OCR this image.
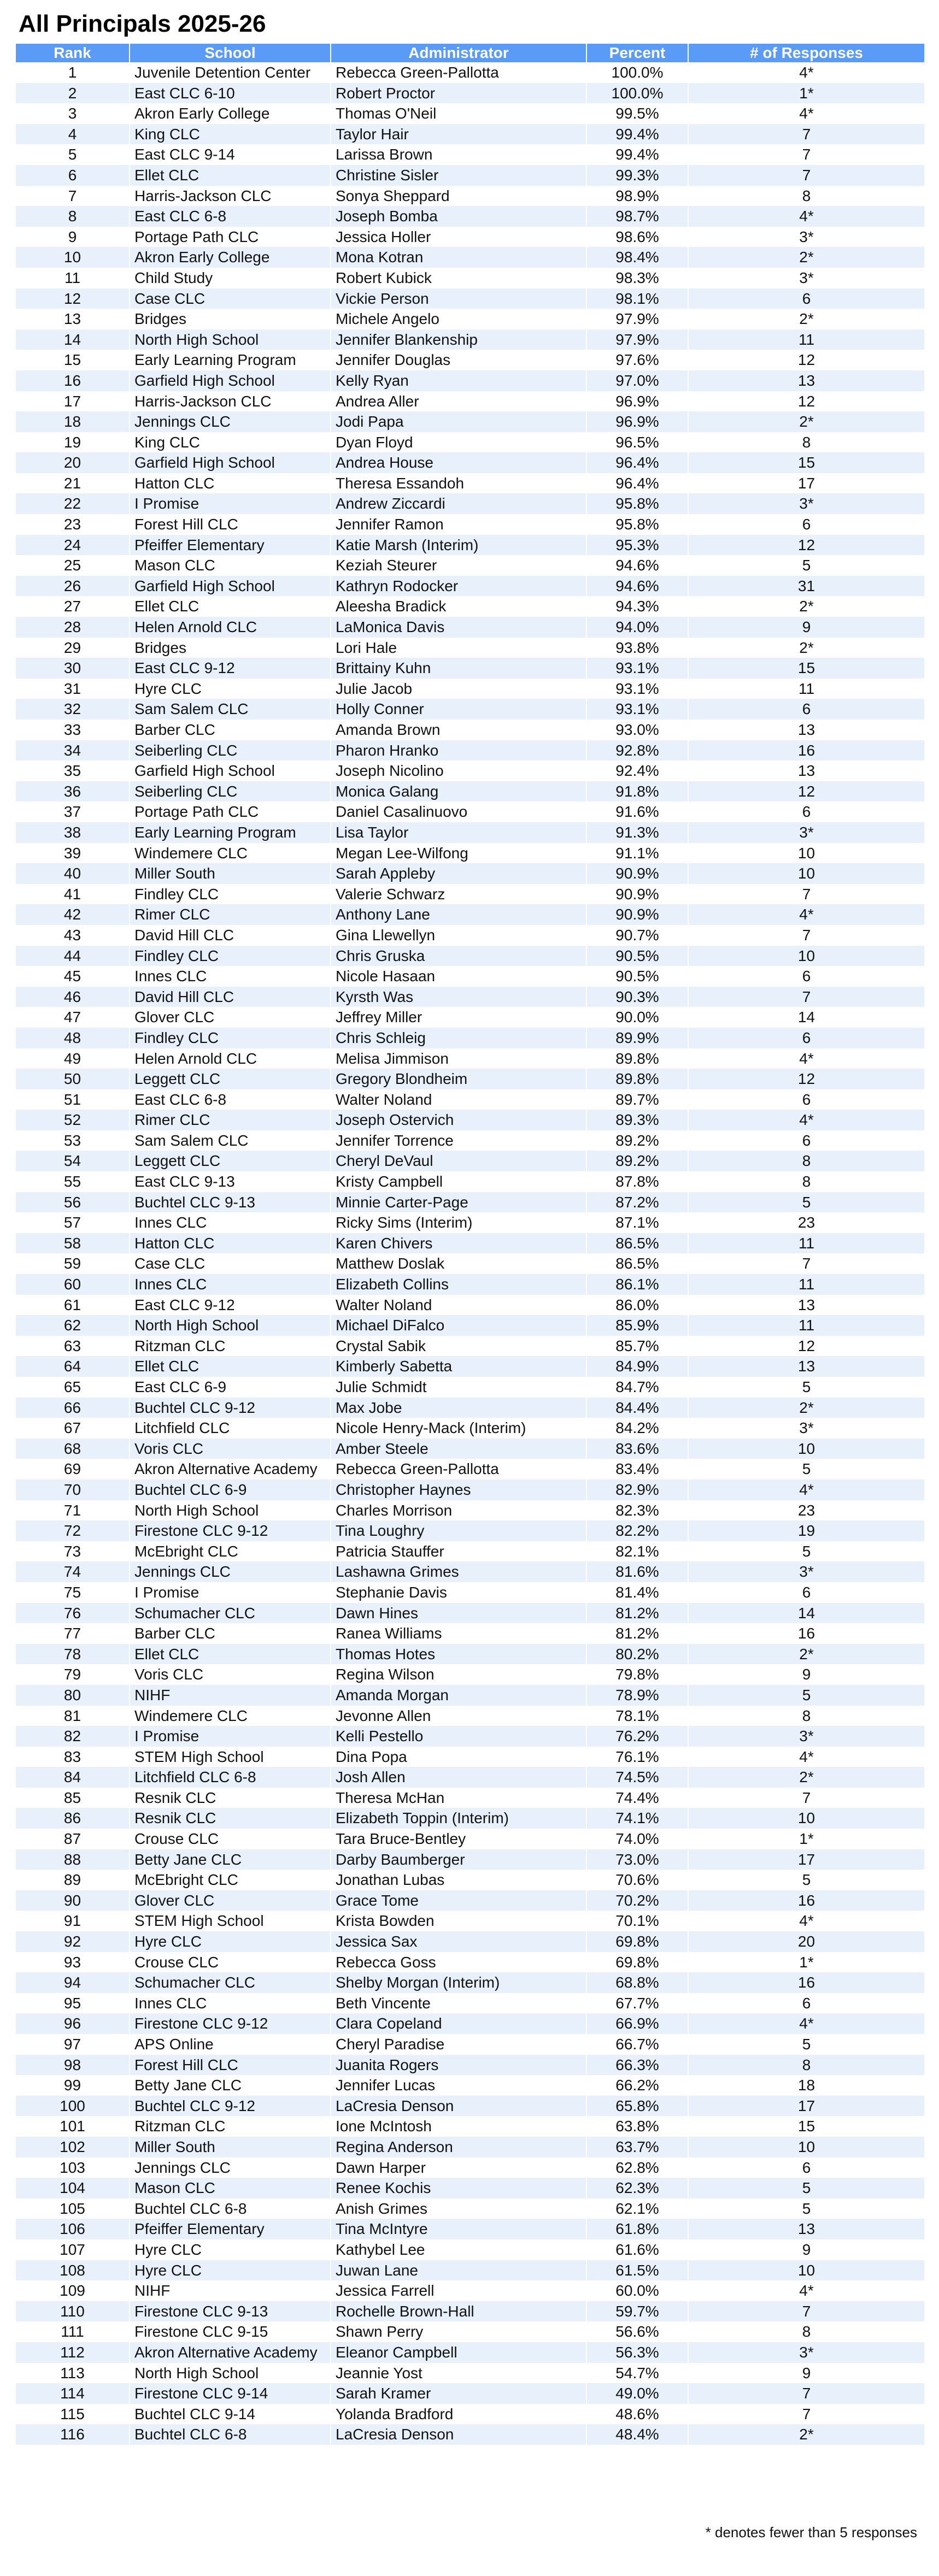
All Principals 2025-26
Rank	School	Administrator	Percent	# of Responses
1	Juvenile Detention Center	Rebecca Green-Pallotta	100.0%	4*
2	East CLC 6-10	Robert Proctor	100.0%	1*
3	Akron Early College	Thomas O'Neil	99.5%	4*
4	King CLC	Taylor Hair	99.4%	7
5	East CLC 9-14	Larissa Brown	99.4%	7
6	Ellet CLC	Christine Sisler	99.3%	7
7	Harris-Jackson CLC	Sonya Sheppard	98.9%	8
8	East CLC 6-8	Joseph Bomba	98.7%	4*
9	Portage Path CLC	Jessica Holler	98.6%	3*
10	Akron Early College	Mona Kotran	98.4%	2*
11	Child Study	Robert Kubick	98.3%	3*
12	Case CLC	Vickie Person	98.1%	6
13	Bridges	Michele Angelo	97.9%	2*
14	North High School	Jennifer Blankenship	97.9%	11
15	Early Learning Program	Jennifer Douglas	97.6%	12
16	Garfield High School	Kelly Ryan	97.0%	13
17	Harris-Jackson CLC	Andrea Aller	96.9%	12
18	Jennings CLC	Jodi Papa	96.9%	2*
19	King CLC	Dyan Floyd	96.5%	8
20	Garfield High School	Andrea House	96.4%	15
21	Hatton CLC	Theresa Essandoh	96.4%	17
22	I Promise	Andrew Ziccardi	95.8%	3*
23	Forest Hill CLC	Jennifer Ramon	95.8%	6
24	Pfeiffer Elementary	Katie Marsh (Interim)	95.3%	12
25	Mason CLC	Keziah Steurer	94.6%	5
26	Garfield High School	Kathryn Rodocker	94.6%	31
27	Ellet CLC	Aleesha Bradick	94.3%	2*
28	Helen Arnold CLC	LaMonica Davis	94.0%	9
29	Bridges	Lori Hale	93.8%	2*
30	East CLC 9-12	Brittainy Kuhn	93.1%	15
31	Hyre CLC	Julie Jacob	93.1%	11
32	Sam Salem CLC	Holly Conner	93.1%	6
33	Barber CLC	Amanda Brown	93.0%	13
34	Seiberling CLC	Pharon Hranko	92.8%	16
35	Garfield High School	Joseph Nicolino	92.4%	13
36	Seiberling CLC	Monica Galang	91.8%	12
37	Portage Path CLC	Daniel Casalinuovo	91.6%	6
38	Early Learning Program	Lisa Taylor	91.3%	3*
39	Windemere CLC	Megan Lee-Wilfong	91.1%	10
40	Miller South	Sarah Appleby	90.9%	10
41	Findley CLC	Valerie Schwarz	90.9%	7
42	Rimer CLC	Anthony Lane	90.9%	4*
43	David Hill CLC	Gina Llewellyn	90.7%	7
44	Findley CLC	Chris Gruska	90.5%	10
45	Innes CLC	Nicole Hasaan	90.5%	6
46	David Hill CLC	Kyrsth Was	90.3%	7
47	Glover CLC	Jeffrey Miller	90.0%	14
48	Findley CLC	Chris Schleig	89.9%	6
49	Helen Arnold CLC	Melisa Jimmison	89.8%	4*
50	Leggett CLC	Gregory Blondheim	89.8%	12
51	East CLC 6-8	Walter Noland	89.7%	6
52	Rimer CLC	Joseph Ostervich	89.3%	4*
53	Sam Salem CLC	Jennifer Torrence	89.2%	6
54	Leggett CLC	Cheryl DeVaul	89.2%	8
55	East CLC 9-13	Kristy Campbell	87.8%	8
56	Buchtel CLC 9-13	Minnie Carter-Page	87.2%	5
57	Innes CLC	Ricky Sims (Interim)	87.1%	23
58	Hatton CLC	Karen Chivers	86.5%	11
59	Case CLC	Matthew Doslak	86.5%	7
60	Innes CLC	Elizabeth Collins	86.1%	11
61	East CLC 9-12	Walter Noland	86.0%	13
62	North High School	Michael DiFalco	85.9%	11
63	Ritzman CLC	Crystal Sabik	85.7%	12
64	Ellet CLC	Kimberly Sabetta	84.9%	13
65	East CLC 6-9	Julie Schmidt	84.7%	5
66	Buchtel CLC 9-12	Max Jobe	84.4%	2*
67	Litchfield CLC	Nicole Henry-Mack (Interim)	84.2%	3*
68	Voris CLC	Amber Steele	83.6%	10
69	Akron Alternative Academy	Rebecca Green-Pallotta	83.4%	5
70	Buchtel CLC 6-9	Christopher Haynes	82.9%	4*
71	North High School	Charles Morrison	82.3%	23
72	Firestone CLC 9-12	Tina Loughry	82.2%	19
73	McEbright CLC	Patricia Stauffer	82.1%	5
74	Jennings CLC	Lashawna Grimes	81.6%	3*
75	I Promise	Stephanie Davis	81.4%	6
76	Schumacher CLC	Dawn Hines	81.2%	14
77	Barber CLC	Ranea Williams	81.2%	16
78	Ellet CLC	Thomas Hotes	80.2%	2*
79	Voris CLC	Regina Wilson	79.8%	9
80	NIHF	Amanda Morgan	78.9%	5
81	Windemere CLC	Jevonne Allen	78.1%	8
82	I Promise	Kelli Pestello	76.2%	3*
83	STEM High School	Dina Popa	76.1%	4*
84	Litchfield CLC 6-8	Josh Allen	74.5%	2*
85	Resnik CLC	Theresa McHan	74.4%	7
86	Resnik CLC	Elizabeth Toppin (Interim)	74.1%	10
87	Crouse CLC	Tara Bruce-Bentley	74.0%	1*
88	Betty Jane CLC	Darby Baumberger	73.0%	17
89	McEbright CLC	Jonathan Lubas	70.6%	5
90	Glover CLC	Grace Tome	70.2%	16
91	STEM High School	Krista Bowden	70.1%	4*
92	Hyre CLC	Jessica Sax	69.8%	20
93	Crouse CLC	Rebecca Goss	69.8%	1*
94	Schumacher CLC	Shelby Morgan (Interim)	68.8%	16
95	Innes CLC	Beth Vincente	67.7%	6
96	Firestone CLC 9-12	Clara Copeland	66.9%	4*
97	APS Online	Cheryl Paradise	66.7%	5
98	Forest Hill CLC	Juanita Rogers	66.3%	8
99	Betty Jane CLC	Jennifer Lucas	66.2%	18
100	Buchtel CLC 9-12	LaCresia Denson	65.8%	17
101	Ritzman CLC	Ione McIntosh	63.8%	15
102	Miller South	Regina Anderson	63.7%	10
103	Jennings CLC	Dawn Harper	62.8%	6
104	Mason CLC	Renee Kochis	62.3%	5
105	Buchtel CLC 6-8	Anish Grimes	62.1%	5
106	Pfeiffer Elementary	Tina McIntyre	61.8%	13
107	Hyre CLC	Kathybel Lee	61.6%	9
108	Hyre CLC	Juwan Lane	61.5%	10
109	NIHF	Jessica Farrell	60.0%	4*
110	Firestone CLC 9-13	Rochelle Brown-Hall	59.7%	7
111	Firestone CLC 9-15	Shawn Perry	56.6%	8
112	Akron Alternative Academy	Eleanor Campbell	56.3%	3*
113	North High School	Jeannie Yost	54.7%	9
114	Firestone CLC 9-14	Sarah Kramer	49.0%	7
115	Buchtel CLC 9-14	Yolanda Bradford	48.6%	7
116	Buchtel CLC 6-8	LaCresia Denson	48.4%	2*
* denotes fewer than 5 responses
